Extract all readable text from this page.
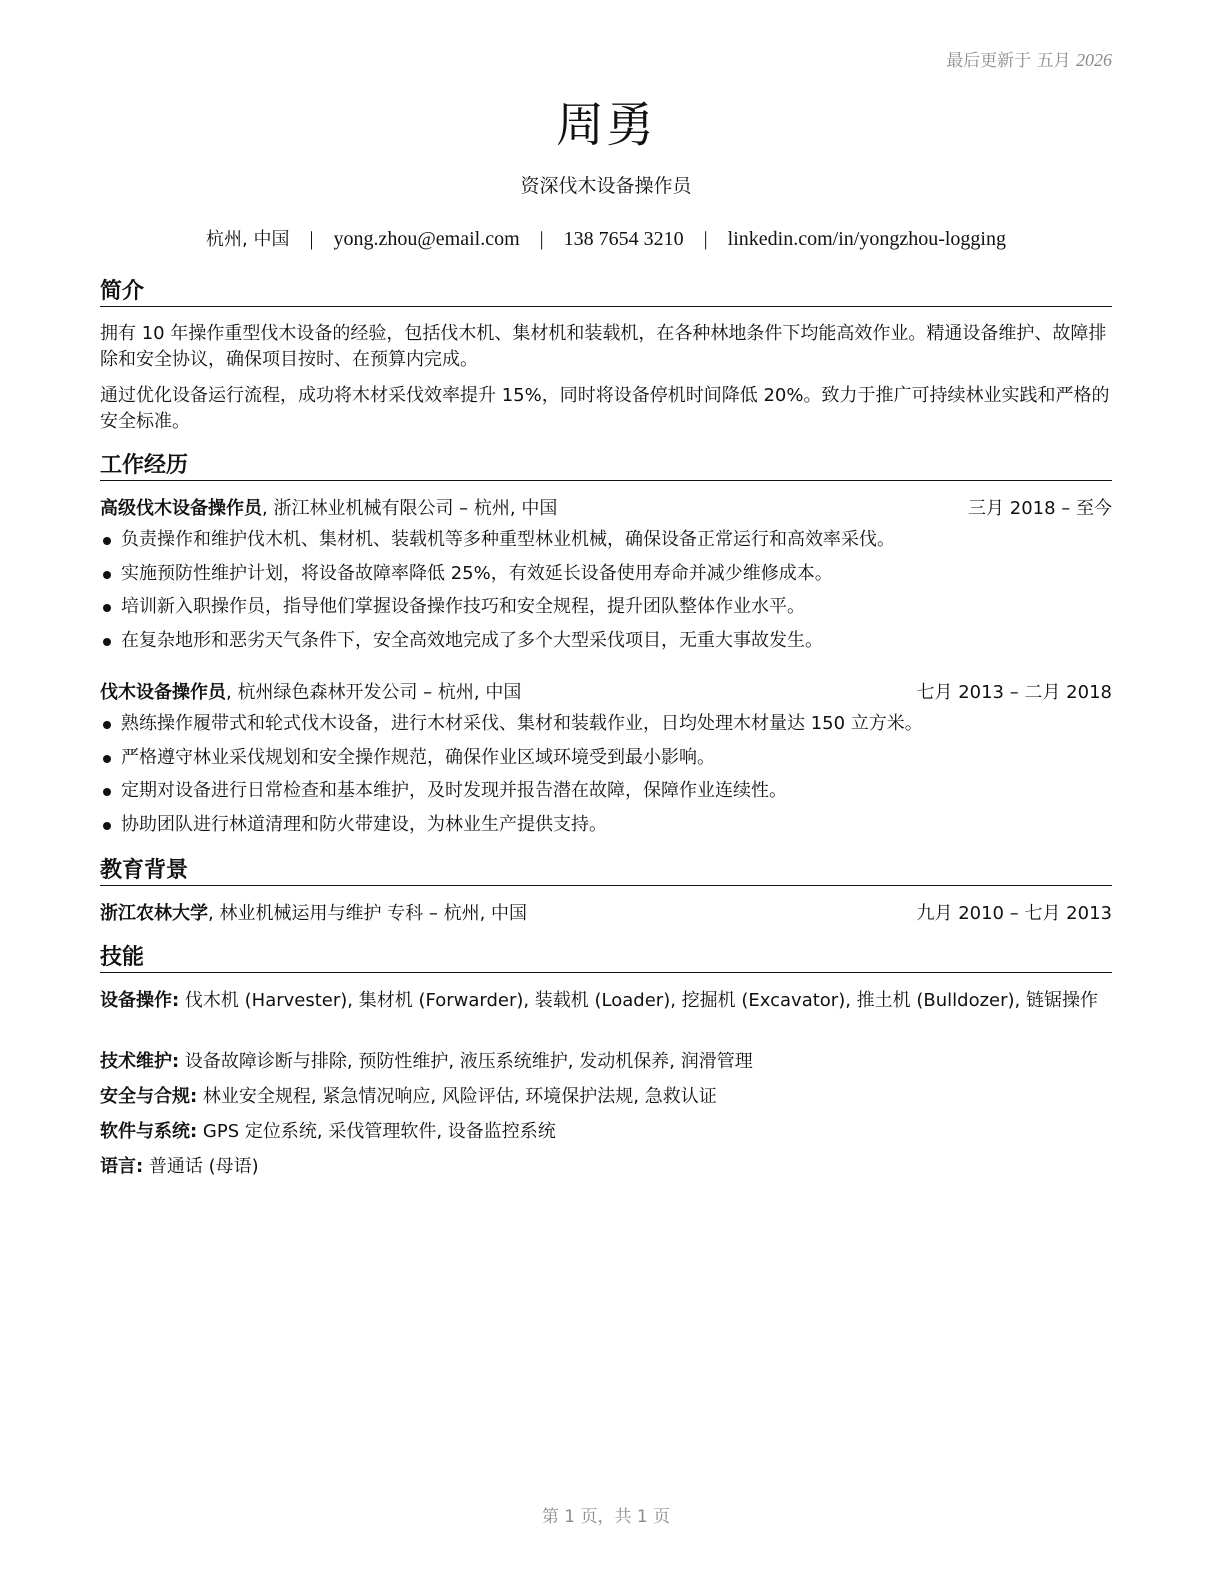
最后更新于 五月 2026
周勇
资深伐木设备操作员
杭州, 中国 | yong.zhou@email.com | 138 7654 3210 | linkedin.com/in/yongzhou-logging
简介
拥有 10 年操作重型伐木设备的经验，包括伐木机、集材机和装载机，在各种林地条件下均能高效作业。精通设备维护、故障排除和安全协议，确保项目按时、在预算内完成。
通过优化设备运行流程，成功将木材采伐效率提升 15%，同时将设备停机时间降低 20%。致力于推广可持续林业实践和严格的安全标准。
工作经历
高级伐木设备操作员, 浙江林业机械有限公司 – 杭州, 中国	三月 2018 – 至今
负责操作和维护伐木机、集材机、装载机等多种重型林业机械，确保设备正常运行和高效率采伐。
实施预防性维护计划，将设备故障率降低 25%，有效延长设备使用寿命并减少维修成本。
培训新入职操作员，指导他们掌握设备操作技巧和安全规程，提升团队整体作业水平。
在复杂地形和恶劣天气条件下，安全高效地完成了多个大型采伐项目，无重大事故发生。
伐木设备操作员, 杭州绿色森林开发公司 – 杭州, 中国	七月 2013 – 二月 2018
熟练操作履带式和轮式伐木设备，进行木材采伐、集材和装载作业，日均处理木材量达 150 立方米。
严格遵守林业采伐规划和安全操作规范，确保作业区域环境受到最小影响。
定期对设备进行日常检查和基本维护，及时发现并报告潜在故障，保障作业连续性。
协助团队进行林道清理和防火带建设，为林业生产提供支持。
教育背景
浙江农林大学, 林业机械运用与维护 专科 – 杭州, 中国	九月 2010 – 七月 2013
技能
设备操作: 伐木机 (Harvester), 集材机 (Forwarder), 装载机 (Loader), 挖掘机 (Excavator), 推土机 (Bulldozer), 链锯操作
技术维护: 设备故障诊断与排除, 预防性维护, 液压系统维护, 发动机保养, 润滑管理
安全与合规: 林业安全规程, 紧急情况响应, 风险评估, 环境保护法规, 急救认证
软件与系统: GPS 定位系统, 采伐管理软件, 设备监控系统
语言: 普通话 (母语)
第 1 页，共 1 页
